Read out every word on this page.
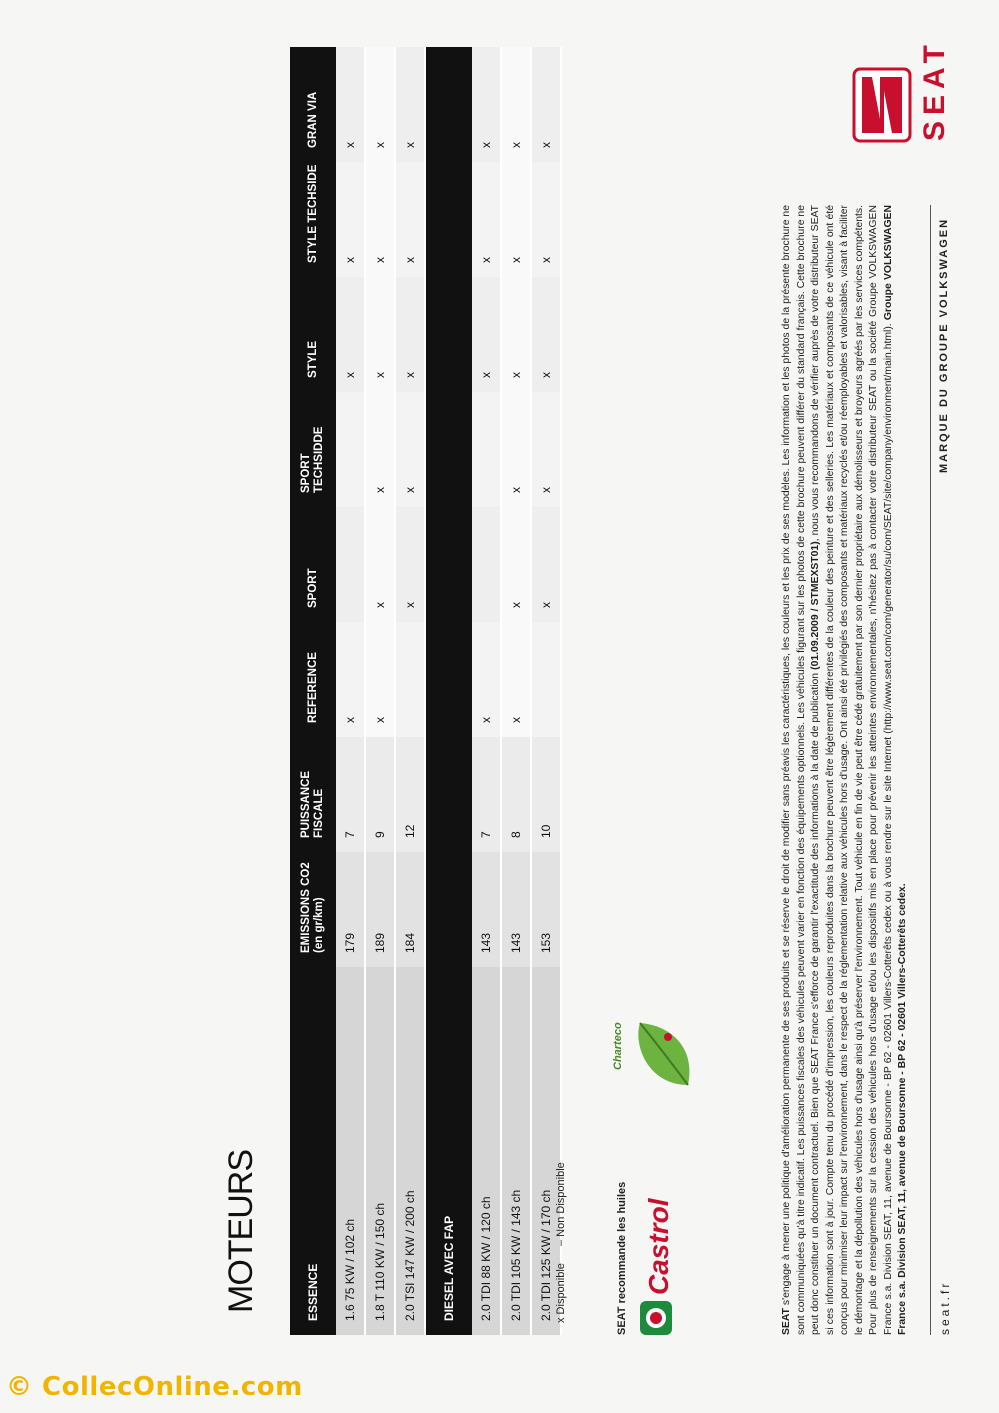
MOTEURS	ESSENCE	EMISSIONS CO2 (en gr/km)	PUISSANCE FISCALE	REFERENCE	SPORT	SPORT TECHSIDDE	STYLE	STYLE TECHSIDE	GRAN VIA
1.6 75 KW / 102 ch	179	7	x			x	x	x
1.8 T 110 KW / 150 ch	189	9	x	x	x	x	x	x
2.0 TSI 147 KW / 200 ch	184	12		x	x	x	x	x
DIESEL AVEC FAP								
2.0 TDI 88 KW / 120 ch	143	7	x			x	x	x
2.0 TDI 105 KW / 143 ch	143	8	x	x	x	x	x	x
2.0 TDI 125 KW / 170 ch	153	10		x	x	x	x	x
x Disponible – Non Disponible	SEAT recommande les huiles Castrol
Charteco
SEAT s'engage à mener une politique d'amélioration permanente de ses produits et se réserve le droit de modifier sans préavis les caractéristiques, les couleurs et les prix de ses modèles. Les information et les photos de la présente brochure ne sont communiquées qu'à titre indicatif. Les puissances fiscales des véhicules peuvent varier en fonction des équipements optionnels. Les véhicules figurant sur les photos de cette brochure peuvent différer du standard français. Cette brochure ne peut donc constituer un document contractuel. Bien que SEAT France s'efforce de garantir l'exactitude des informations à la date de publication (01.09.2009 / STMEXST01), nous vous recommandons de vérifier auprès de votre distributeur SEAT si ces information sont à jour. Compte tenu du procédé d'impression, les couleurs reproduites dans la brochure peuvent être légèrement différentes de la couleur des peinture et des selleries. Les matériaux et composants de ce véhicule ont été conçus pour minimiser leur impact sur l'environnement, dans le respect de la réglementation relative aux véhicules hors d'usage. Ont ainsi été privilégiés des composants et matériaux recyclés et/ou réemployables et valorisables, visant à faciliter le démontage et la dépollution des véhicules hors d'usage ainsi qu'à préserver l'environnement. Tout véhicule en fin de vie peut être cédé gratuitement par son dernier propriétaire aux démolisseurs et broyeurs agréés par les services compétents. Pour plus de renseignements sur la cession des véhicules hors d'usage et/ou les dispositifs mis en place pour prévenir les atteintes environnementales, n'hésitez pas à contacter votre distributeur SEAT ou la société Groupe VOLKSWAGEN France s.a. Division SEAT, 11, avenue de Boursonne - BP 62 - 02601 Villers-Cotterêts cedex ou à vous rendre sur le site Internet (http://www.seat.com/com/generator/su/com/SEAT/site/company/environment/main.html). Groupe VOLKSWAGEN France s.a. Division SEAT, 11, avenue de Boursonne - BP 62 - 02601 Villers-Cotterêts cedex.	seat.fr
MARQUE DU GROUPE VOLKSWAGEN
SEAT
© CollecOnline.com
